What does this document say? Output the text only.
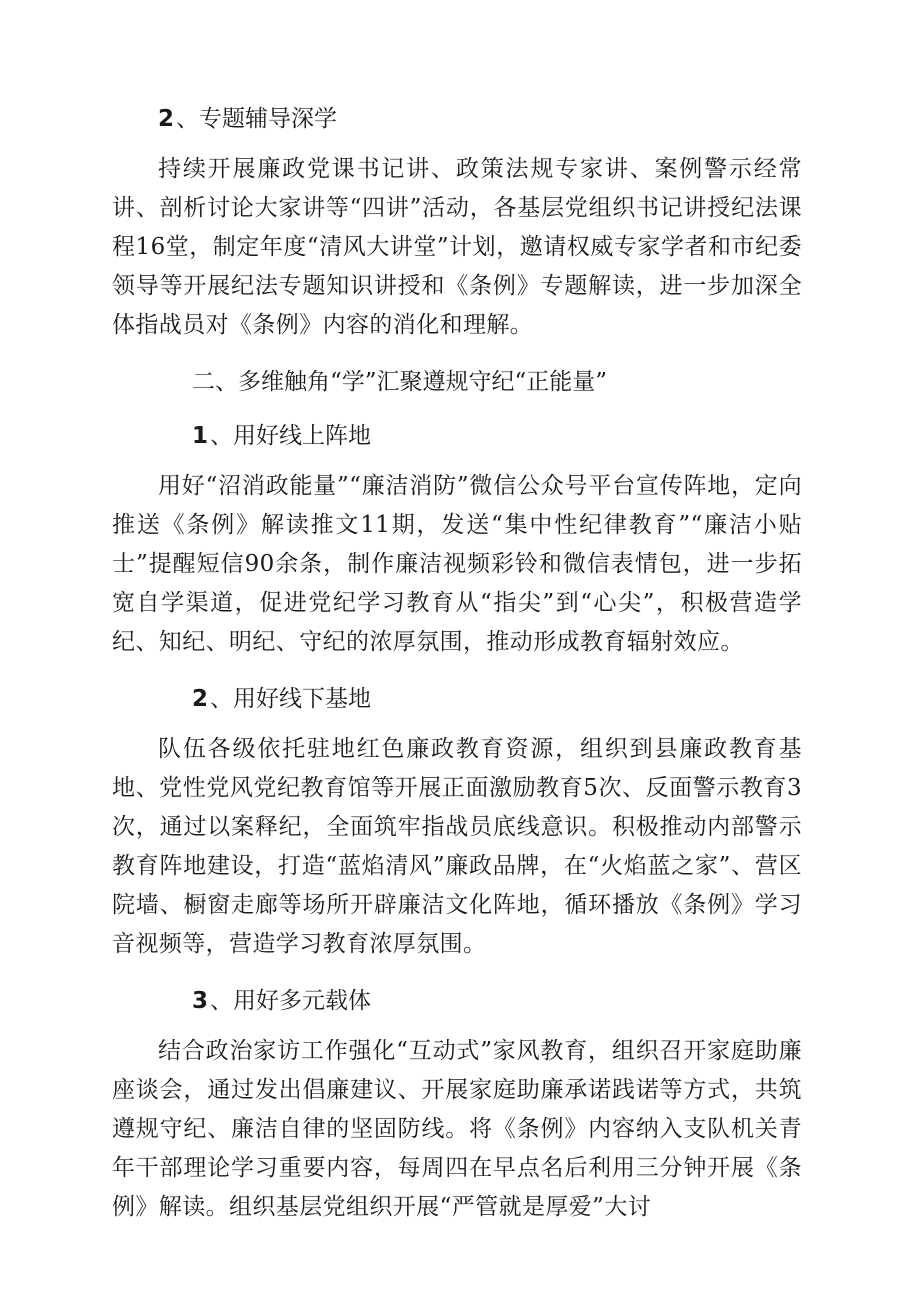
2、专题辅导深学

持续开展廉政党课书记讲、政策法规专家讲、案例警示经常讲、剖析讨论大家讲等“四讲”活动，各基层党组织书记讲授纪法课程16堂，制定年度“清风大讲堂”计划，邀请权威专家学者和市纪委领导等开展纪法专题知识讲授和《条例》专题解读，进一步加深全体指战员对《条例》内容的消化和理解。

二、多维触角“学”汇聚遵规守纪“正能量”

1、用好线上阵地

用好“沼消政能量”“廉洁消防”微信公众号平台宣传阵地，定向推送《条例》解读推文11期，发送“集中性纪律教育”“廉洁小贴士”提醒短信90余条，制作廉洁视频彩铃和微信表情包，进一步拓宽自学渠道，促进党纪学习教育从“指尖”到“心尖”，积极营造学纪、知纪、明纪、守纪的浓厚氛围，推动形成教育辐射效应。

2、用好线下基地

队伍各级依托驻地红色廉政教育资源，组织到县廉政教育基地、党性党风党纪教育馆等开展正面激励教育5次、反面警示教育3次，通过以案释纪，全面筑牢指战员底线意识。积极推动内部警示教育阵地建设，打造“蓝焰清风”廉政品牌，在“火焰蓝之家”、营区院墙、橱窗走廊等场所开辟廉洁文化阵地，循环播放《条例》学习音视频等，营造学习教育浓厚氛围。

3、用好多元载体

结合政治家访工作强化“互动式”家风教育，组织召开家庭助廉座谈会，通过发出倡廉建议、开展家庭助廉承诺践诺等方式，共筑遵规守纪、廉洁自律的坚固防线。将《条例》内容纳入支队机关青年干部理论学习重要内容，每周四在早点名后利用三分钟开展《条例》解读。组织基层党组织开展“严管就是厚爱”大讨
